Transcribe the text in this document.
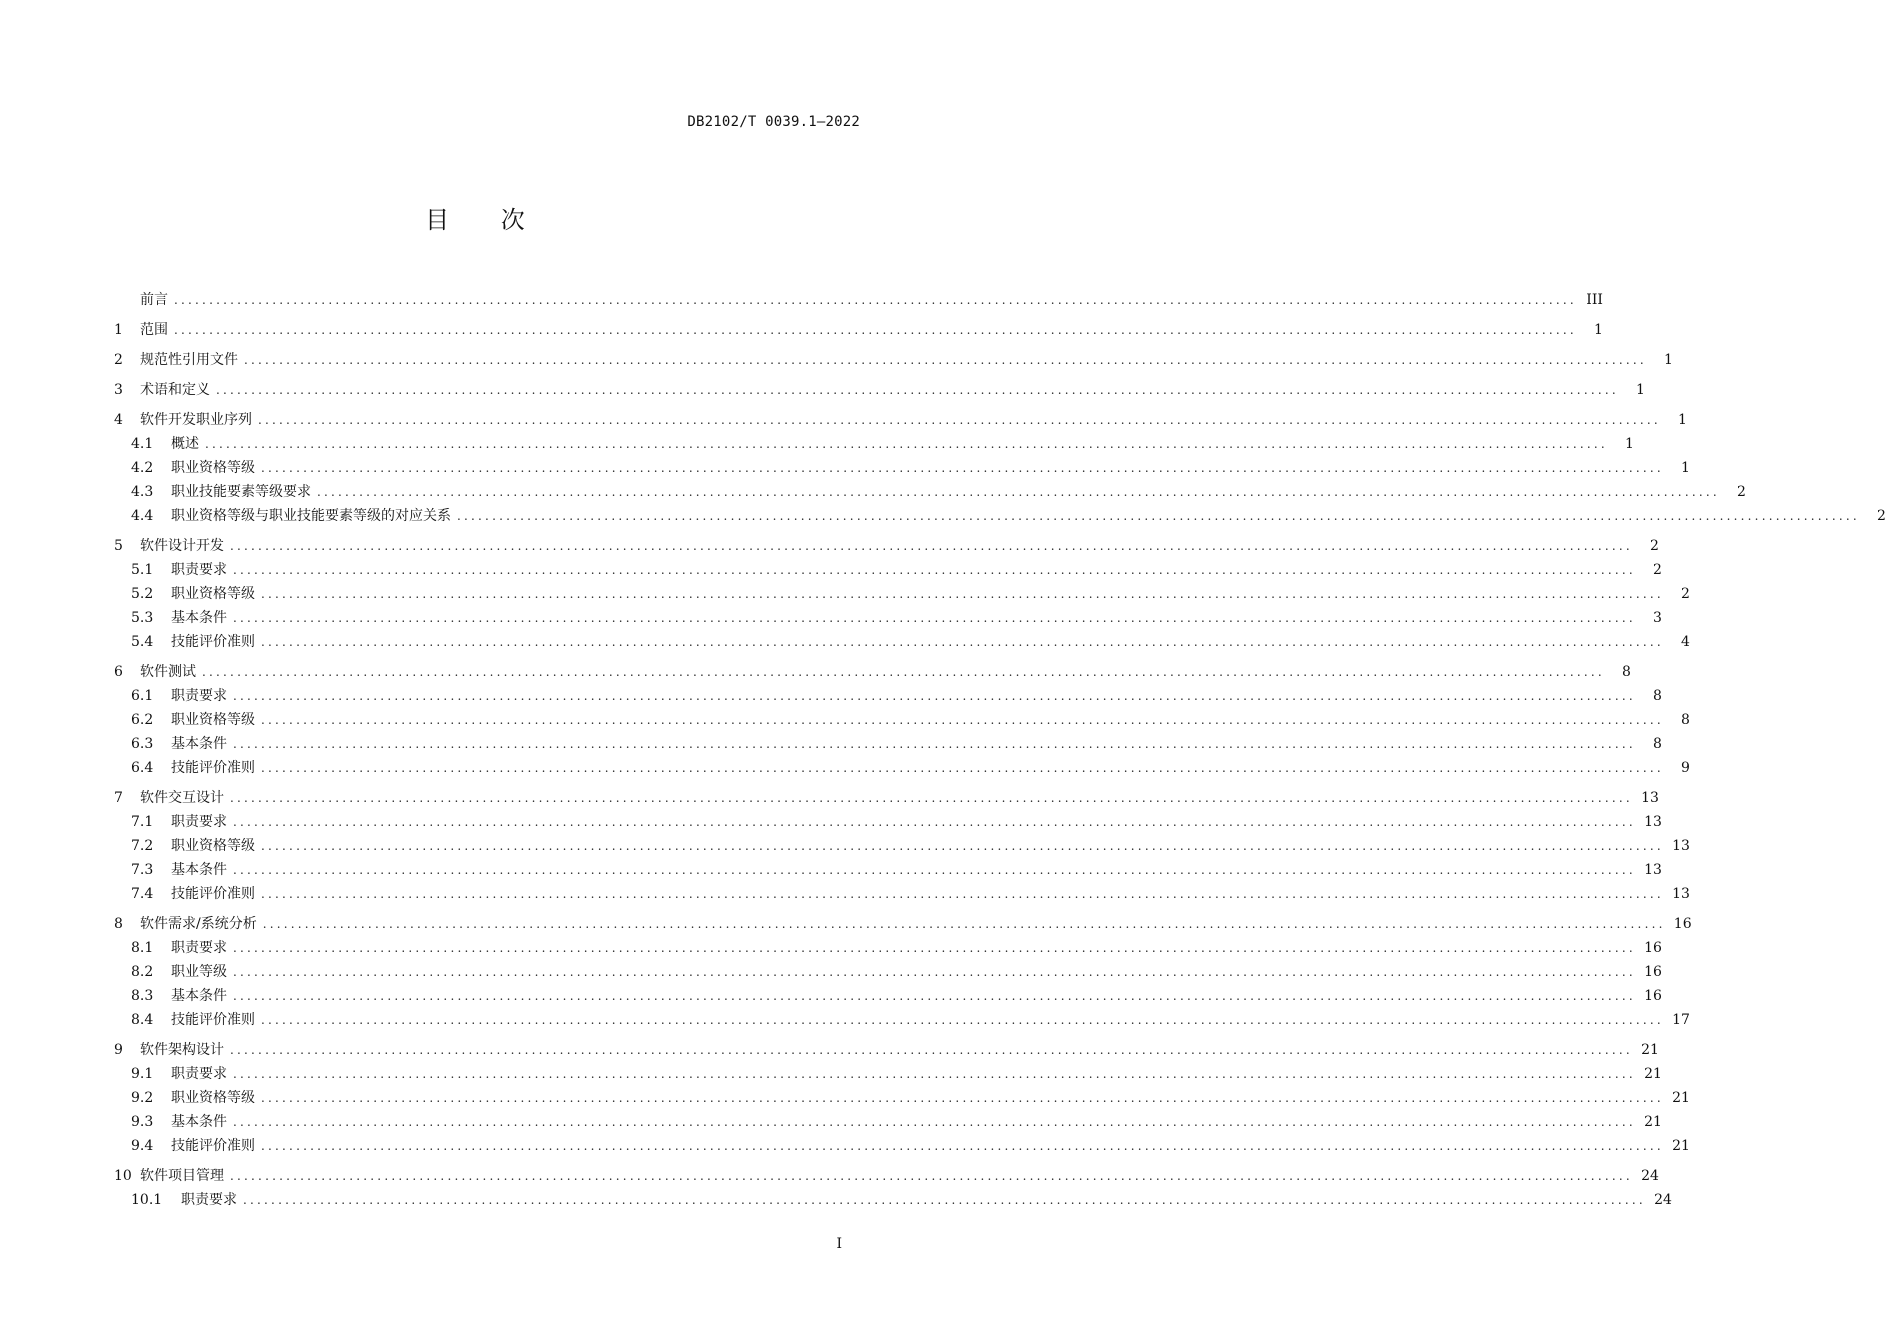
DB2102/T 0039.1—2022
目 次
前言 ........................................................................................................................................................................................................ III
1	范围 ........................................................................................................................................................................................................	1
2	规范性引用文件 ........................................................................................................................................................................................................	1
3	术语和定义 ........................................................................................................................................................................................................	1
4	软件开发职业序列 ........................................................................................................................................................................................................	1
4.1	概述 ........................................................................................................................................................................................................	1
4.2	职业资格等级 ........................................................................................................................................................................................................	1
4.3	职业技能要素等级要求 ........................................................................................................................................................................................................	2
4.4	职业资格等级与职业技能要素等级的对应关系 ........................................................................................................................................................................................................	2
5	软件设计开发 ........................................................................................................................................................................................................	2
5.1	职责要求 ........................................................................................................................................................................................................	2
5.2	职业资格等级 ........................................................................................................................................................................................................	2
5.3	基本条件 ........................................................................................................................................................................................................	3
5.4	技能评价准则 ........................................................................................................................................................................................................	4
6	软件测试 ........................................................................................................................................................................................................	8
6.1	职责要求 ........................................................................................................................................................................................................	8
6.2	职业资格等级 ........................................................................................................................................................................................................	8
6.3	基本条件 ........................................................................................................................................................................................................	8
6.4	技能评价准则 ........................................................................................................................................................................................................	9
7	软件交互设计 ........................................................................................................................................................................................................ 13
7.1	职责要求 ........................................................................................................................................................................................................ 13
7.2	职业资格等级 ........................................................................................................................................................................................................ 13
7.3	基本条件 ........................................................................................................................................................................................................ 13
7.4	技能评价准则 ........................................................................................................................................................................................................ 13
8	软件需求/系统分析 ........................................................................................................................................................................................................ 16
8.1	职责要求 ........................................................................................................................................................................................................ 16
8.2	职业等级 ........................................................................................................................................................................................................ 16
8.3	基本条件 ........................................................................................................................................................................................................ 16
8.4	技能评价准则 ........................................................................................................................................................................................................ 17
9	软件架构设计 ........................................................................................................................................................................................................ 21
9.1	职责要求 ........................................................................................................................................................................................................ 21
9.2	职业资格等级 ........................................................................................................................................................................................................ 21
9.3	基本条件 ........................................................................................................................................................................................................ 21
9.4	技能评价准则 ........................................................................................................................................................................................................ 21
10 软件项目管理 ........................................................................................................................................................................................................ 24
10.1	职责要求 ........................................................................................................................................................................................................ 24
I
